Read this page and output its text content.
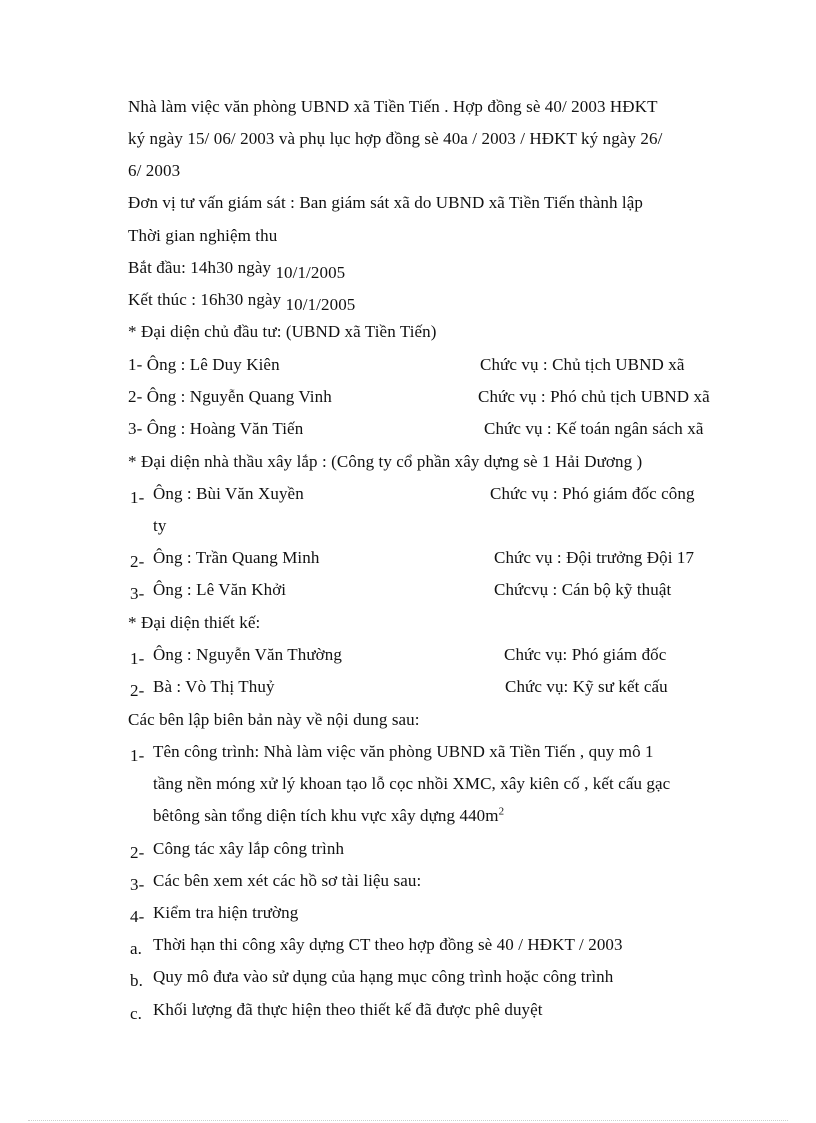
Nhà làm việc văn phòng UBND xã Tiền Tiến . Hợp đồng sè 40/ 2003 HĐKT
ký ngày 15/ 06/ 2003 và phụ lục hợp đồng sè 40a / 2003 / HĐKT ký ngày 26/
6/ 2003
Đơn vị tư vấn giám sát : Ban giám sát xã do UBND xã Tiền Tiến thành lập
Thời gian nghiệm thu
Bắt đầu: 14h30 ngày 10/1/2005
Kết thúc : 16h30 ngày 10/1/2005
* Đại diện chủ đầu tư: (UBND xã Tiền Tiến)
1- Ông : Lê Duy Kiên	Chức vụ : Chủ tịch UBND xã
2- Ông : Nguyễn Quang Vinh	Chức vụ : Phó chủ tịch UBND xã
3- Ông : Hoàng Văn Tiến	Chức vụ : Kế toán ngân sách xã
* Đại diện nhà thầu xây lắp : (Công ty cổ phần xây dựng sè 1 Hải Dương )
1- Ông : Bùi Văn Xuyền	Chức vụ : Phó giám đốc công
ty
2- Ông : Trần Quang Minh	Chức vụ : Đội trưởng Đội 17
3- Ông : Lê Văn Khởi	Chứcvụ : Cán bộ kỹ thuật
* Đại diện thiết kế:
1- Ông : Nguyễn Văn Thường	Chức vụ: Phó giám đốc
2- Bà : Vò Thị Thuỷ	Chức vụ: Kỹ sư kết cấu
Các bên lập biên bản này về nội dung sau:
1- Tên công trình: Nhà làm việc văn phòng UBND xã Tiền Tiến , quy mô 1
tầng nền móng xử lý khoan tạo lỗ cọc nhồi XMC, xây kiên cố , kết cấu gạc
bêtông sàn tổng diện tích khu vực xây dựng $440m^2$
2- Công tác xây lắp công trình
3- Các bên xem xét các hồ sơ tài liệu sau:
4- Kiểm tra hiện trường
a. Thời hạn thi công xây dựng CT theo hợp đồng sè 40 / HĐKT / 2003
b. Quy mô đưa vào sử dụng của hạng mục công trình hoặc công trình
c. Khối lượng đã thực hiện theo thiết kế đã được phê duyệt
